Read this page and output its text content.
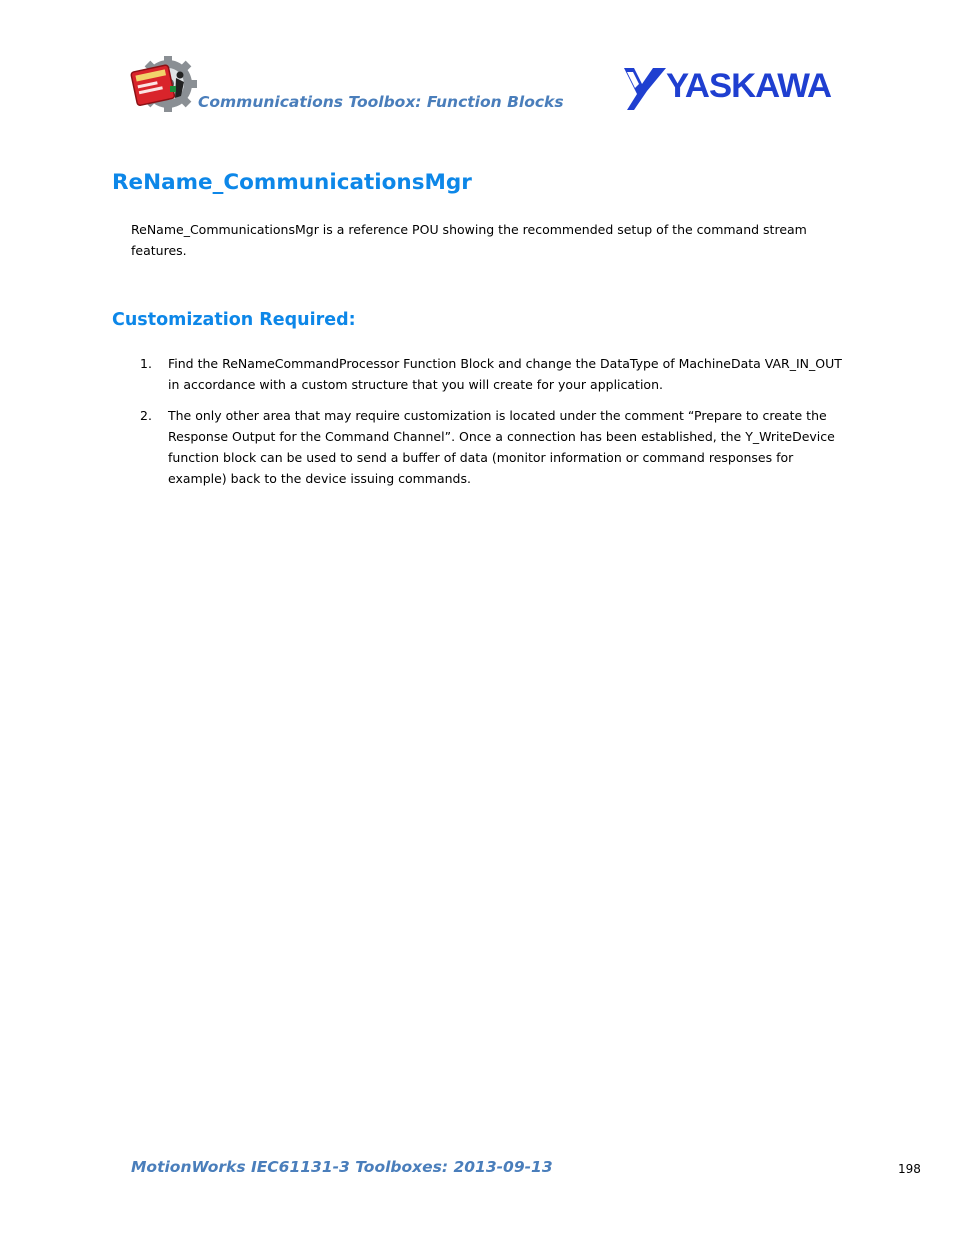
Communications Toolbox: Function Blocks	YASKAWA
ReName_CommunicationsMgr

ReName_CommunicationsMgr is a reference POU showing the recommended setup of the command stream features.

Customization Required:
1. Find the ReNameCommandProcessor Function Block and change the DataType of MachineData VAR_IN_OUT in accordance with a custom structure that you will create for your application.
2. The only other area that may require customization is located under the comment “Prepare to create the Response Output for the Command Channel”. Once a connection has been established, the Y_WriteDevice function block can be used to send a buffer of data (monitor information or command responses for example) back to the device issuing commands.
MotionWorks IEC61131-3 Toolboxes: 2013-09-13	198
